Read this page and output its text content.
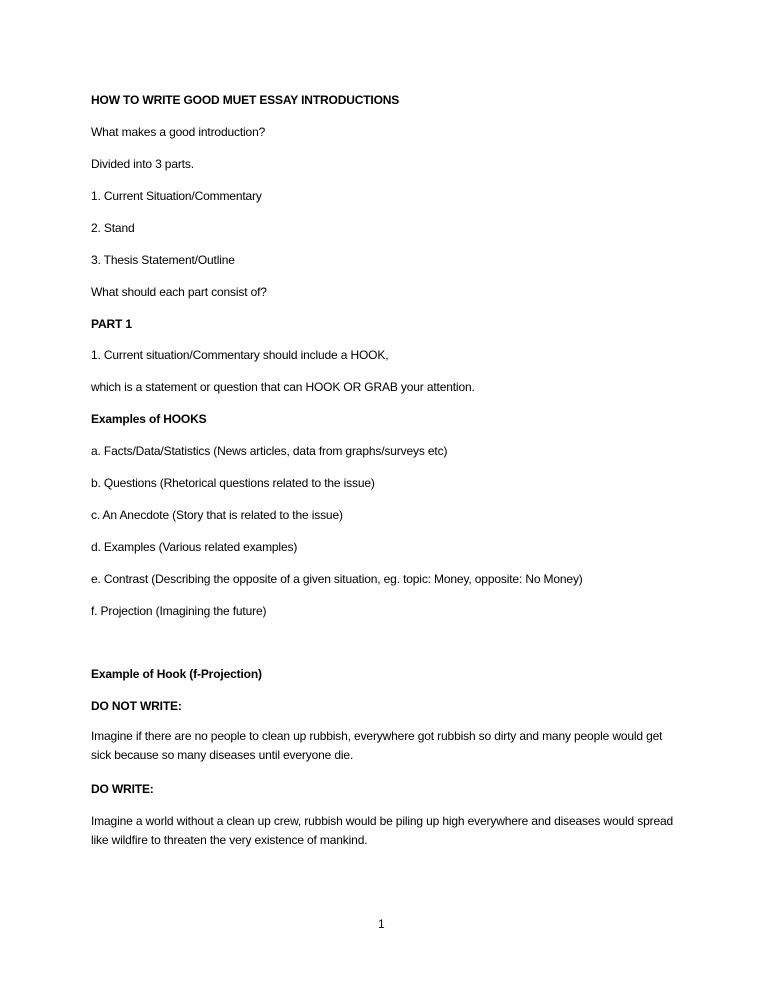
HOW TO WRITE GOOD MUET ESSAY INTRODUCTIONS
What makes a good introduction?
Divided into 3 parts.
1. Current Situation/Commentary
2. Stand
3. Thesis Statement/Outline
What should each part consist of?
PART 1
1. Current situation/Commentary should include a HOOK,
which is a statement or question that can HOOK OR GRAB your attention.
Examples of HOOKS
a. Facts/Data/Statistics (News articles, data from graphs/surveys etc)
b. Questions (Rhetorical questions related to the issue)
c. An Anecdote (Story that is related to the issue)
d. Examples (Various related examples)
e. Contrast (Describing the opposite of a given situation, eg. topic: Money, opposite: No Money)
f. Projection (Imagining the future)
Example of Hook (f-Projection)
DO NOT WRITE:
Imagine if there are no people to clean up rubbish, everywhere got rubbish so dirty and many people would get sick because so many diseases until everyone die.
DO WRITE:
Imagine a world without a clean up crew, rubbish would be piling up high everywhere and diseases would spread like wildfire to threaten the very existence of mankind.
1
